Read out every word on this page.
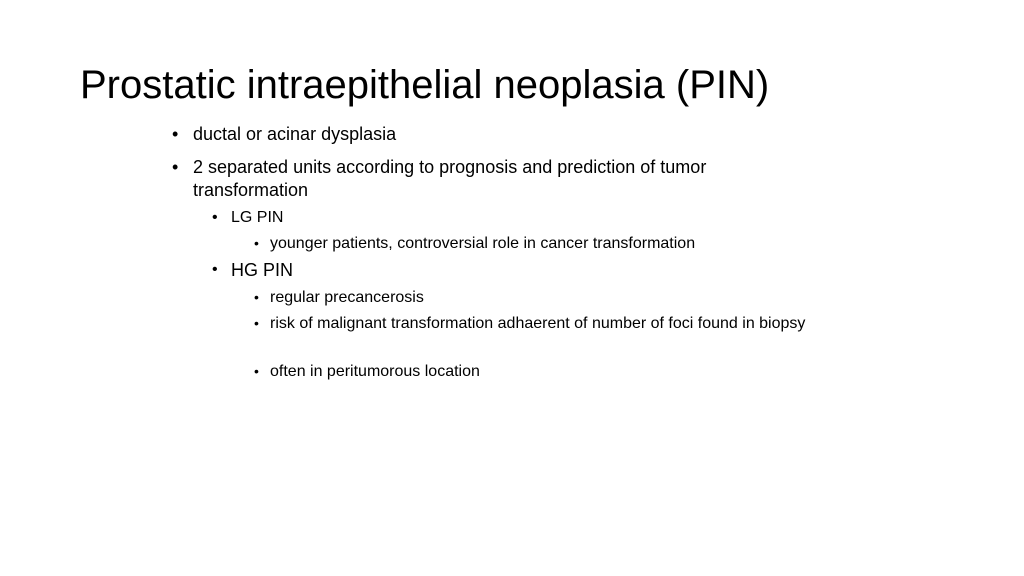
Prostatic intraepithelial neoplasia (PIN)
• ductal or acinar dysplasia
• 2 separated units according to prognosis and prediction of tumor transformation
• LG PIN
• younger patients, controversial role in cancer transformation
• HG PIN
• regular precancerosis
• risk of malignant transformation adhaerent of number of foci found in biopsy
• often in peritumorous location
